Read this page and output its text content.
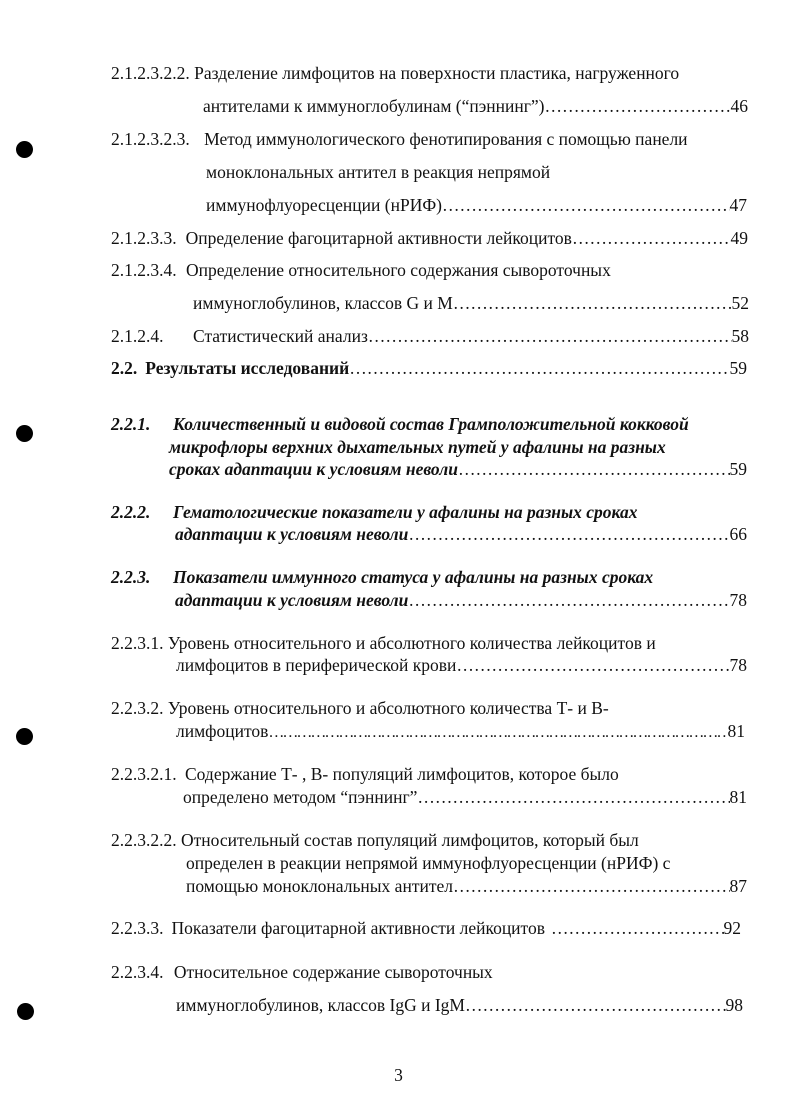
2.1.2.3.2.2. Разделение лимфоцитов на поверхности пластика, нагруженного
антителами к иммуноглобулинам (“пэннинг”) ……………………………………………………………………………………………………………………………………………	46
2.1.2.3.2.3. Метод иммунологического фенотипирования с помощью панели
моноклональных антител в реакция непрямой
иммунофлуоресценции (нРИФ) ……………………………………………………………………………………………………………………………………………	47
2.1.2.3.3. Определение фагоцитарной активности лейкоцитов ……………………………………………………………………………………………………………………………………………	49
2.1.2.3.4. Определение относительного содержания сывороточных
иммуноглобулинов, классов G и M ……………………………………………………………………………………………………………………………………………	52
2.1.2.4.	Статистический анализ ……………………………………………………………………………………………………………………………………………	58
2.2. Результаты исследований ……………………………………………………………………………………………………………………………………………	59
2.2.1. Количественный и видовой состав Грамположительной кокковой
микрофлоры верхних дыхательных путей у афалины на разных
сроках адаптации к условиям неволи ……………………………………………………………………………………………………………………………………………	59
2.2.2. Гематологические показатели у афалины на разных сроках
адаптации к условиям неволи ……………………………………………………………………………………………………………………………………………	66
2.2.3. Показатели иммунного статуса у афалины на разных сроках
адаптации к условиям неволи ……………………………………………………………………………………………………………………………………………	78
2.2.3.1. Уровень относительного и абсолютного количества лейкоцитов и
лимфоцитов в периферической крови ……………………………………………………………………………………………………………………………………………	78
2.2.3.2. Уровень относительного и абсолютного количества Т- и В-
лимфоцитов ……………………………………………………………………………………………………………………………………………	81
2.2.3.2.1. Содержание Т- , В- популяций лимфоцитов, которое было
определено методом “пэннинг” ……………………………………………………………………………………………………………………………………………	81
2.2.3.2.2. Относительный состав популяций лимфоцитов, который был
определен в реакции непрямой иммунофлуоресценции (нРИФ) с
помощью моноклональных антител ……………………………………………………………………………………………………………………………………………	87
2.2.3.3. Показатели фагоцитарной активности лейкоцитов ……………………………………………………………………………………………………………………………………………	92
2.2.3.4. Относительное содержание сывороточных
иммуноглобулинов, классов IgG и IgM ……………………………………………………………………………………………………………………………………………	98
3
